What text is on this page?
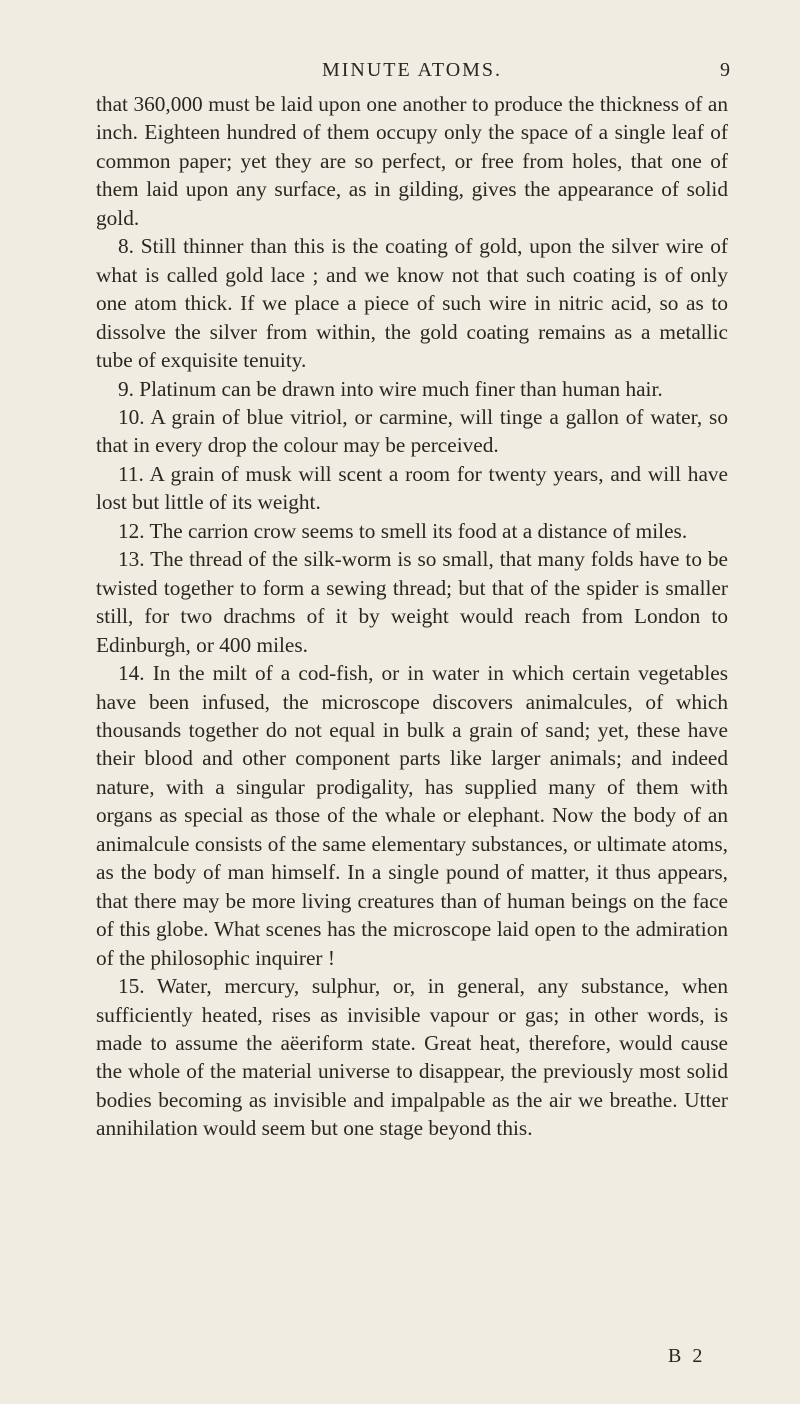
MINUTE ATOMS.	9

that 360,000 must be laid upon one another to produce the thickness of an inch. Eighteen hundred of them occupy only the space of a single leaf of common paper; yet they are so perfect, or free from holes, that one of them laid upon any surface, as in gilding, gives the appearance of solid gold.

8. Still thinner than this is the coating of gold, upon the silver wire of what is called gold lace ; and we know not that such coating is of only one atom thick. If we place a piece of such wire in nitric acid, so as to dissolve the silver from within, the gold coating remains as a metallic tube of exquisite tenuity.

9. Platinum can be drawn into wire much finer than human hair.

10. A grain of blue vitriol, or carmine, will tinge a gallon of water, so that in every drop the colour may be perceived.

11. A grain of musk will scent a room for twenty years, and will have lost but little of its weight.

12. The carrion crow seems to smell its food at a distance of miles.

13. The thread of the silk-worm is so small, that many folds have to be twisted together to form a sewing thread; but that of the spider is smaller still, for two drachms of it by weight would reach from London to Edinburgh, or 400 miles.

14. In the milt of a cod-fish, or in water in which certain vegetables have been infused, the microscope discovers animalcules, of which thousands together do not equal in bulk a grain of sand; yet, these have their blood and other component parts like larger animals; and indeed nature, with a singular prodigality, has supplied many of them with organs as special as those of the whale or elephant. Now the body of an animalcule consists of the same elementary substances, or ultimate atoms, as the body of man himself. In a single pound of matter, it thus appears, that there may be more living creatures than of human beings on the face of this globe. What scenes has the microscope laid open to the admiration of the philosophic inquirer !

15. Water, mercury, sulphur, or, in general, any substance, when sufficiently heated, rises as invisible vapour or gas; in other words, is made to assume the aëeriform state. Great heat, therefore, would cause the whole of the material universe to disappear, the previously most solid bodies becoming as invisible and impalpable as the air we breathe. Utter annihilation would seem but one stage beyond this.

B 2
